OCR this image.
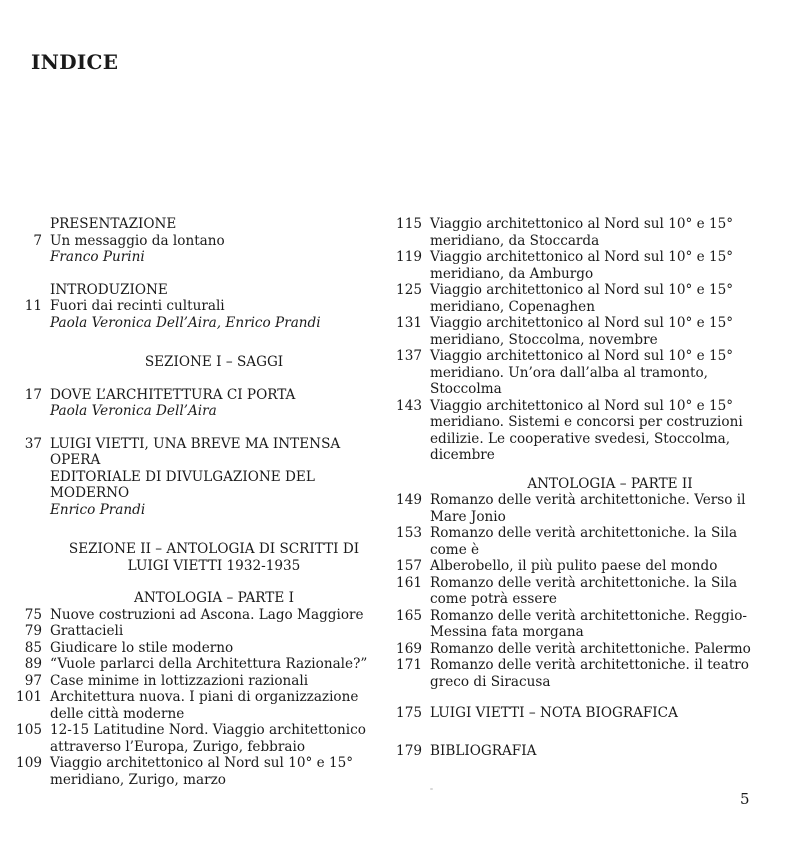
INDICE
PRESENTAZIONE
7 Un messaggio da lontano
Franco Purini
INTRODUZIONE
11 Fuori dai recinti culturali
Paola Veronica Dell’Aira, Enrico Prandi
SEZIONE I – SAGGI
17 DOVE L’ARCHITETTURA CI PORTA
Paola Veronica Dell’Aira
37 LUIGI VIETTI, UNA BREVE MA INTENSA OPERA
EDITORIALE DI DIVULGAZIONE DEL MODERNO
Enrico Prandi
SEZIONE II – ANTOLOGIA DI SCRITTI DI
LUIGI VIETTI 1932-1935
ANTOLOGIA – PARTE I
75 Nuove costruzioni ad Ascona. Lago Maggiore
79 Grattacieli
85 Giudicare lo stile moderno
89 “Vuole parlarci della Architettura Razionale?”
97 Case minime in lottizzazioni razionali
101 Architettura nuova. I piani di organizzazione
delle città moderne
105 12-15 Latitudine Nord. Viaggio architettonico
attraverso l’Europa, Zurigo, febbraio
109 Viaggio architettonico al Nord sul 10° e 15°
meridiano, Zurigo, marzo
115 Viaggio architettonico al Nord sul 10° e 15°
meridiano, da Stoccarda
119 Viaggio architettonico al Nord sul 10° e 15°
meridiano, da Amburgo
125 Viaggio architettonico al Nord sul 10° e 15°
meridiano, Copenaghen
131 Viaggio architettonico al Nord sul 10° e 15°
meridiano, Stoccolma, novembre
137 Viaggio architettonico al Nord sul 10° e 15°
meridiano. Un’ora dall’alba al tramonto,
Stoccolma
143 Viaggio architettonico al Nord sul 10° e 15°
meridiano. Sistemi e concorsi per costruzioni
edilizie. Le cooperative svedesi, Stoccolma,
dicembre
ANTOLOGIA – PARTE II
149 Romanzo delle verità architettoniche. Verso il
Mare Jonio
153 Romanzo delle verità architettoniche. la Sila
come è
157 Alberobello, il più pulito paese del mondo
161 Romanzo delle verità architettoniche. la Sila
come potrà essere
165 Romanzo delle verità architettoniche. Reggio-
Messina fata morgana
169 Romanzo delle verità architettoniche. Palermo
171 Romanzo delle verità architettoniche. il teatro
greco di Siracusa
175 LUIGI VIETTI – NOTA BIOGRAFICA
179 BIBLIOGRAFIA
5
